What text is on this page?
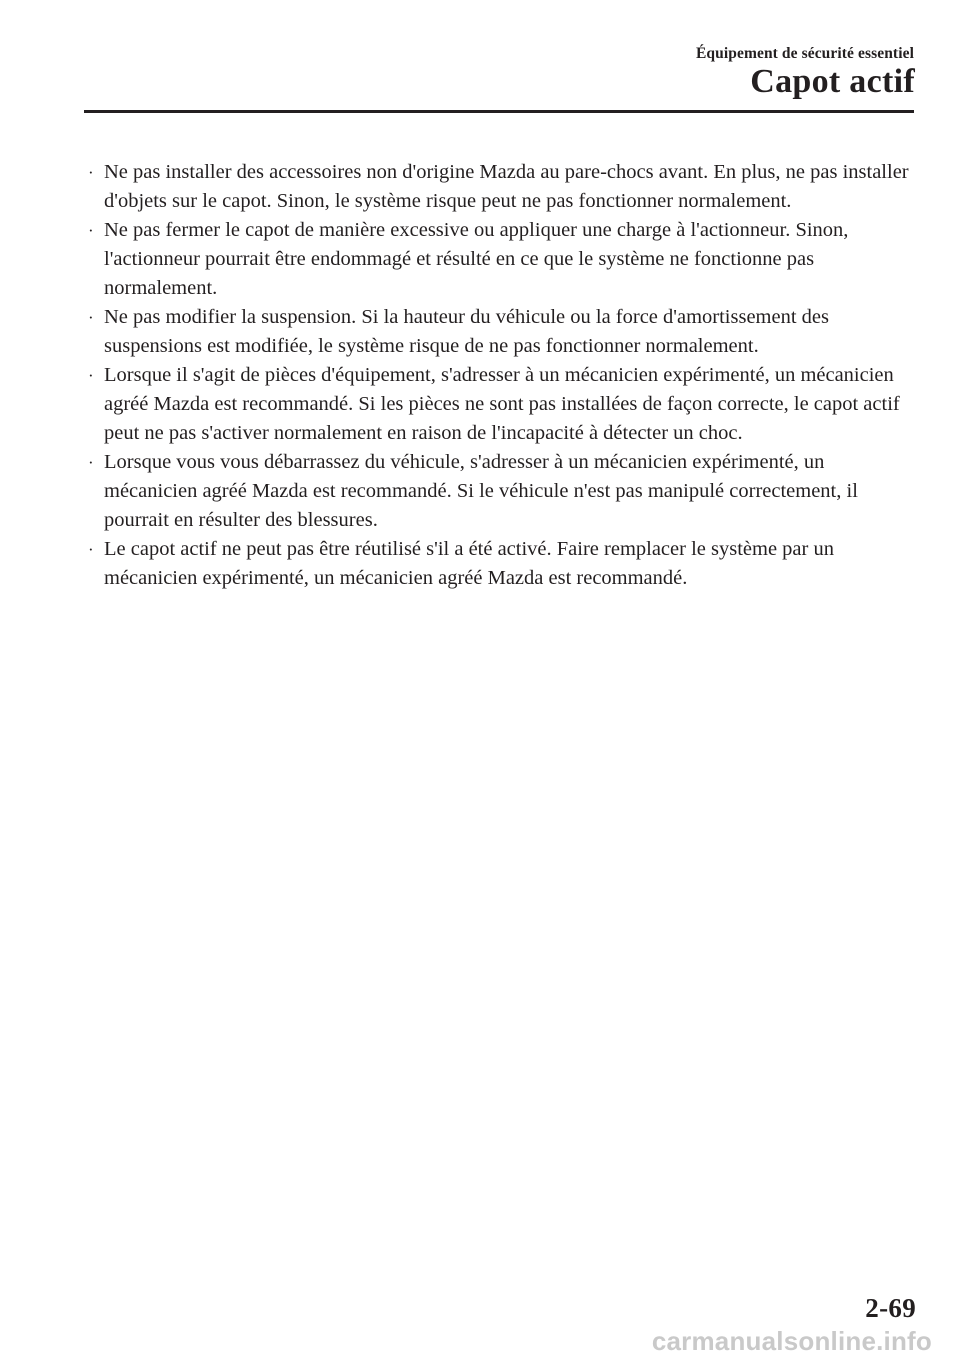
Équipement de sécurité essentiel
Capot actif
· Ne pas installer des accessoires non d'origine Mazda au pare-chocs avant. En plus, ne pas installer d'objets sur le capot. Sinon, le système risque peut ne pas fonctionner normalement.
· Ne pas fermer le capot de manière excessive ou appliquer une charge à l'actionneur. Sinon, l'actionneur pourrait être endommagé et résulté en ce que le système ne fonctionne pas normalement.
· Ne pas modifier la suspension. Si la hauteur du véhicule ou la force d'amortissement des suspensions est modifiée, le système risque de ne pas fonctionner normalement.
· Lorsque il s'agit de pièces d'équipement, s'adresser à un mécanicien expérimenté, un mécanicien agréé Mazda est recommandé. Si les pièces ne sont pas installées de façon correcte, le capot actif peut ne pas s'activer normalement en raison de l'incapacité à détecter un choc.
· Lorsque vous vous débarrassez du véhicule, s'adresser à un mécanicien expérimenté, un mécanicien agréé Mazda est recommandé. Si le véhicule n'est pas manipulé correctement, il pourrait en résulter des blessures.
· Le capot actif ne peut pas être réutilisé s'il a été activé. Faire remplacer le système par un mécanicien expérimenté, un mécanicien agréé Mazda est recommandé.
2-69
carmanualsonline.info
